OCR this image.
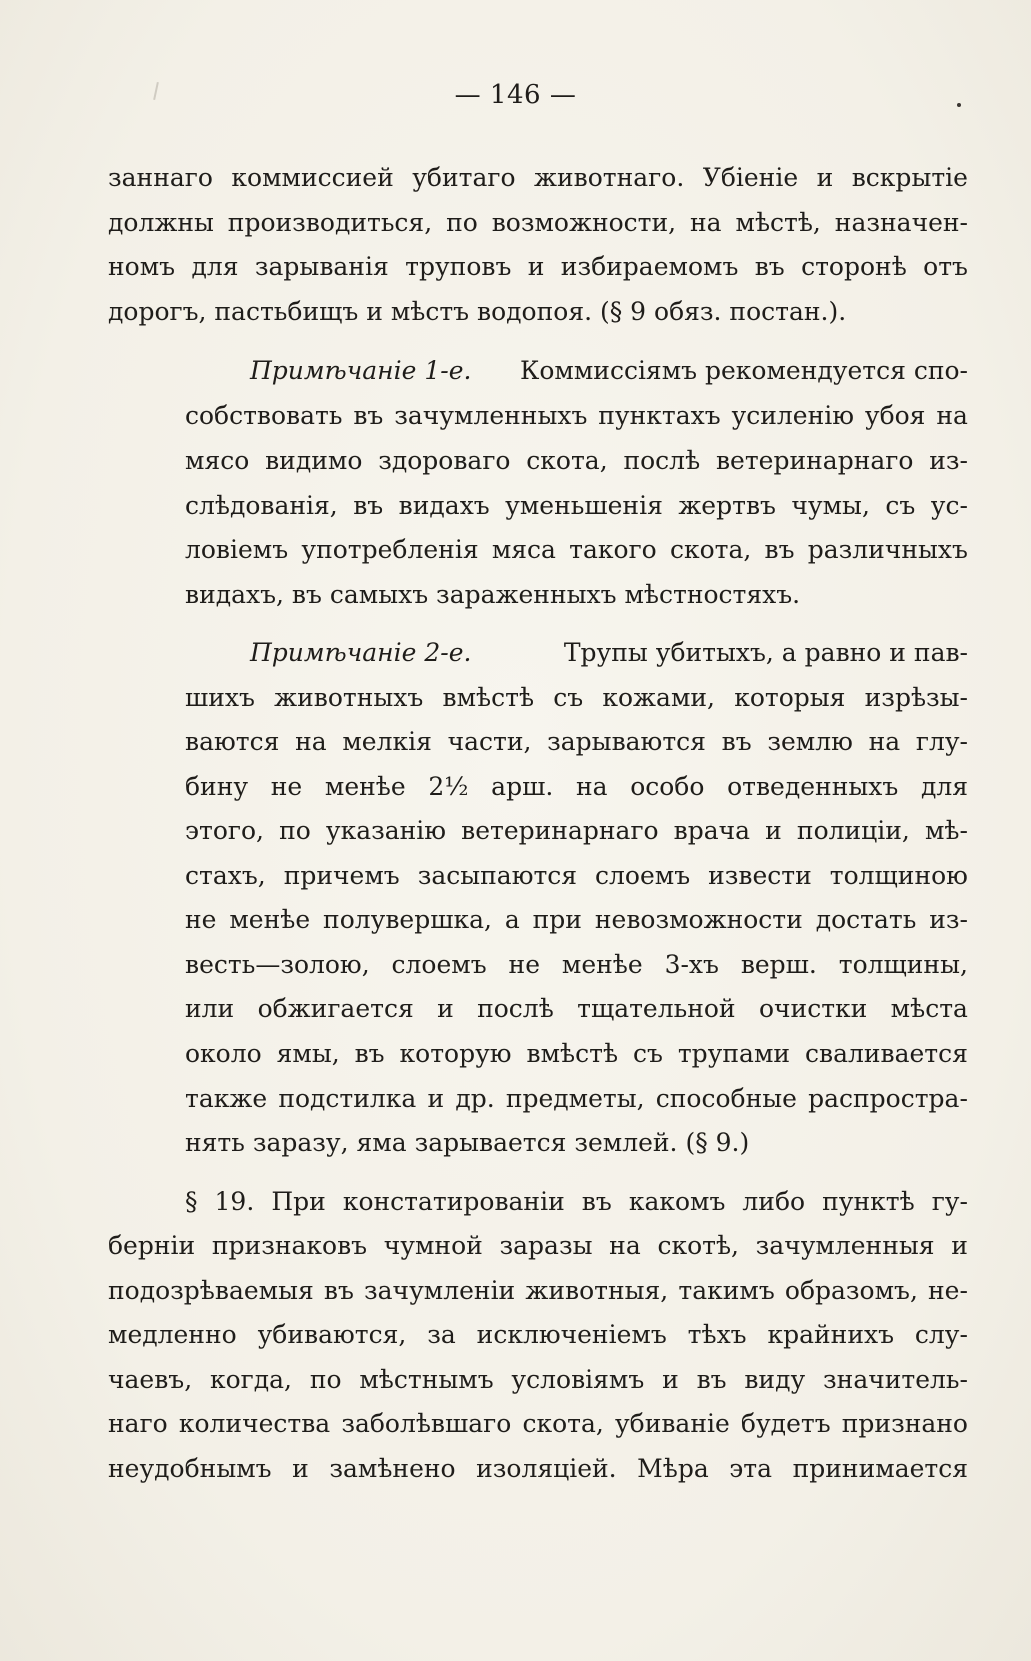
— 146 —
заннаго коммиссией убитаго животнаго. Убіеніе и вскрытіе
должны производиться, по возможности, на мѣстѣ, назначен-
номъ для зарыванія труповъ и избираемомъ въ сторонѣ отъ
дорогъ, пастьбищъ и мѣстъ водопоя. (§ 9 обяз. постан.).
Примѣчаніе 1-е. Коммиссіямъ рекомендуется спо-
собствовать въ зачумленныхъ пунктахъ усиленію убоя на
мясо видимо здороваго скота, послѣ ветеринарнаго из-
слѣдованія, въ видахъ уменьшенія жертвъ чумы, съ ус-
ловіемъ употребленія мяса такого скота, въ различныхъ
видахъ, въ самыхъ зараженныхъ мѣстностяхъ.
Примѣчаніе 2-е.	Трупы убитыхъ, а равно и пав-
шихъ животныхъ вмѣстѣ съ кожами, которыя изрѣзы-
ваются на мелкія части, зарываются въ землю на глу-
бину не менѣе 2½ арш. на особо отведенныхъ для
этого, по указанію ветеринарнаго врача и полиціи, мѣ-
стахъ, причемъ засыпаются слоемъ извести толщиною
не менѣе полувершка, а при невозможности достать из-
весть—золою, слоемъ не менѣе 3-хъ верш. толщины,
или обжигается и послѣ тщательной очистки мѣста
около ямы, въ которую вмѣстѣ съ трупами сваливается
также подстилка и др. предметы, способные распростра-
нять заразу, яма зарывается землей. (§ 9.)
§ 19. При констатированіи въ какомъ либо пунктѣ гу-
берніи признаковъ чумной заразы на скотѣ, зачумленныя и
подозрѣваемыя въ зачумленіи животныя, такимъ образомъ, не-
медленно убиваются, за исключеніемъ тѣхъ крайнихъ слу-
чаевъ, когда, по мѣстнымъ условіямъ и въ виду значитель-
наго количества заболѣвшаго скота, убиваніе будетъ признано
неудобнымъ и замѣнено изоляціей. Мѣра эта принимается
